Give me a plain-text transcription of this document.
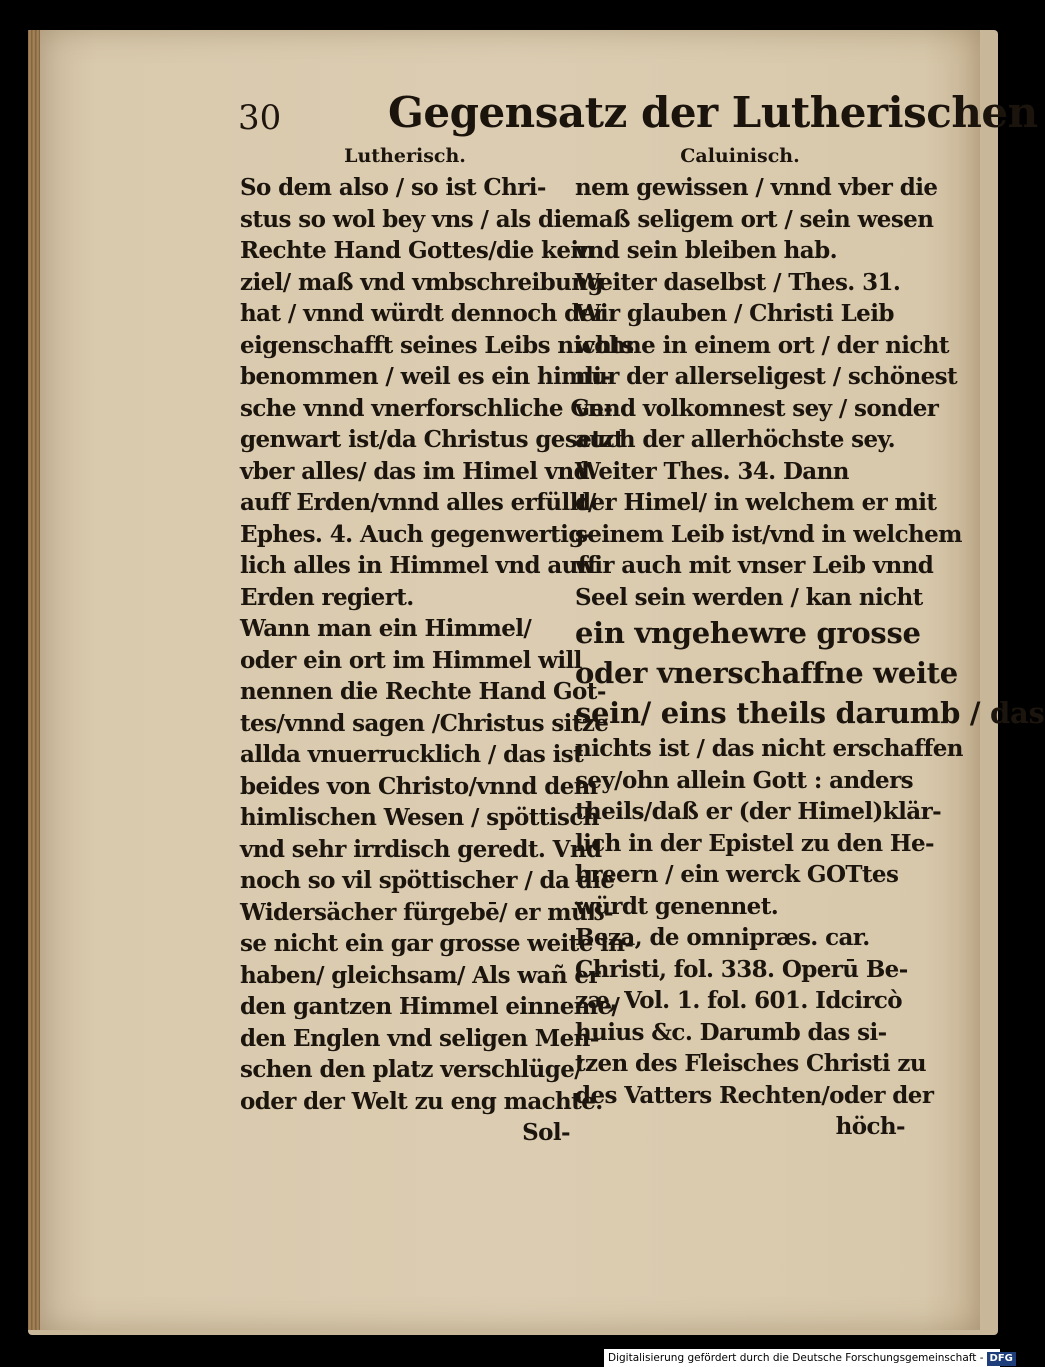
30	Gegensatz der Lutherischen
Lutherisch.
So dem also / so ist Chri-
stus so wol bey vns / als die
Rechte Hand Gottes/die kein
ziel/ maß vnd vmbschreibung
hat / vnnd würdt dennoch der
eigenschafft seines Leibs nichts
benommen / weil es ein himli-
sche vnnd vnerforschliche Ge-
genwart ist/da Christus gesetzt
vber alles/ das im Himel vnd
auff Erden/vnnd alles erfüllt/
Ephes. 4. Auch gegenwertig-
lich alles in Himmel vnd auff
Erden regiert.
Wann man ein Himmel/
oder ein ort im Himmel will
nennen die Rechte Hand Got-
tes/vnnd sagen /Christus sitze
allda vnuerrucklich / das ist
beides von Christo/vnnd dem
himlischen Wesen / spöttisch
vnd sehr irrdisch geredt. Vnd
noch so vil spöttischer / da die
Widersächer fürgebē/ er müß-
se nicht ein gar grosse weite in-
haben/ gleichsam/ Als wañ er
den gantzen Himmel einneme/
den Englen vnd seligen Men-
schen den platz verschlüge/
oder der Welt zu eng machte.
Sol-
Caluinisch.
nem gewissen / vnnd vber die
maß seligem ort / sein wesen
vnd sein bleiben hab.
Weiter daselbst / Thes. 31.
Wir glauben / Christi Leib
wohne in einem ort / der nicht
nur der allerseligest / schönest
vnnd volkomnest sey / sonder
auch der allerhöchste sey.
Weiter Thes. 34. Dann
der Himel/ in welchem er mit
seinem Leib ist/vnd in welchem
wir auch mit vnser Leib vnnd
Seel sein werden / kan nicht
ein vngehewre grosse
oder vnerschaffne weite
sein/ eins theils darumb / das
nichts ist / das nicht erschaffen
sey/ohn allein Gott : anders
theils/daß er (der Himel)klär-
lich in der Epistel zu den He-
breern / ein werck GOTtes
würdt genennet.
Beza, de omnipræs. car.
Christi, fol. 338. Operū Be-
zæ, Vol. 1. fol. 601. Idcircò
huius &c. Darumb das si-
tzen des Fleisches Christi zu
des Vatters Rechten/oder der
höch-
Digitalisierung gefördert durch die Deutsche Forschungsgemeinschaft - DFG
